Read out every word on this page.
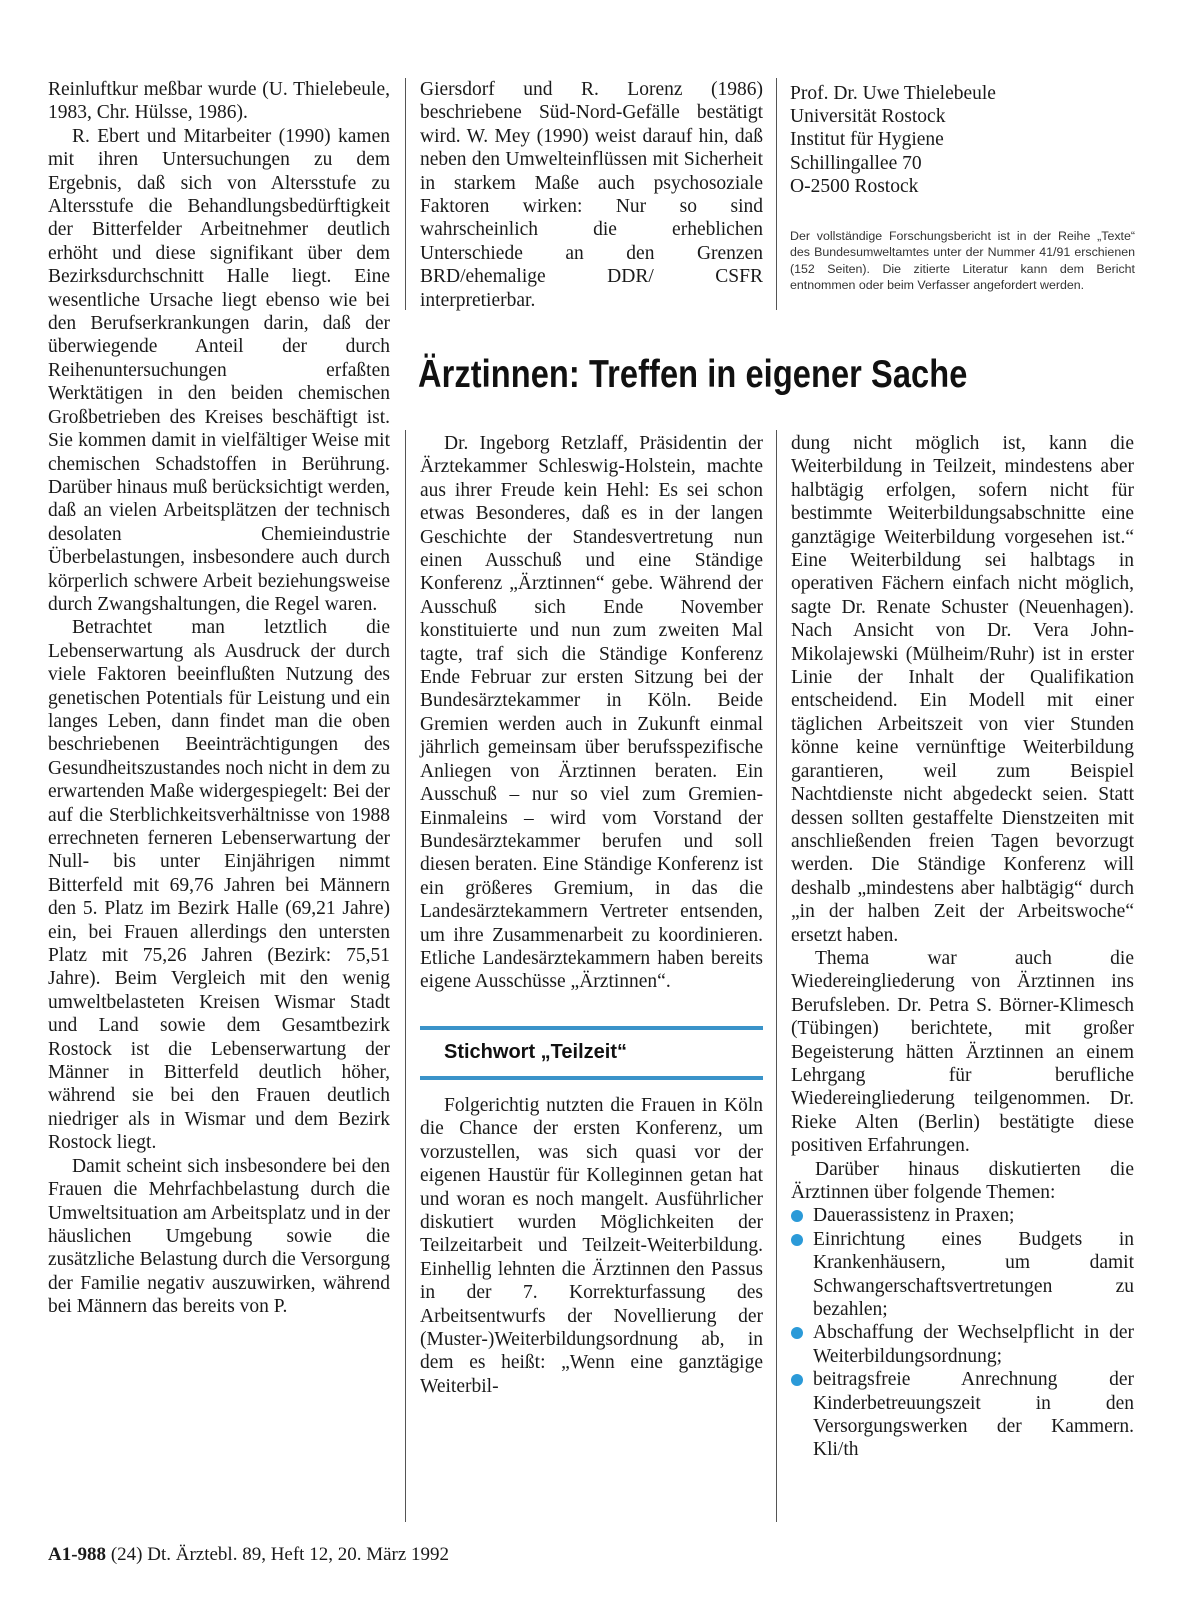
Reinluftkur meßbar wurde (U. Thielebeule, 1983, Chr. Hülsse, 1986).

R. Ebert und Mitarbeiter (1990) kamen mit ihren Untersuchungen zu dem Ergebnis, daß sich von Altersstufe zu Altersstufe die Behandlungsbedürftigkeit der Bitterfelder Arbeitnehmer deutlich erhöht und diese signifikant über dem Bezirksdurchschnitt Halle liegt. Eine wesentliche Ursache liegt ebenso wie bei den Berufserkrankungen darin, daß der überwiegende Anteil der durch Reihenuntersuchungen erfaßten Werktätigen in den beiden chemischen Großbetrieben des Kreises beschäftigt ist. Sie kommen damit in vielfältiger Weise mit chemischen Schadstoffen in Berührung. Darüber hinaus muß berücksichtigt werden, daß an vielen Arbeitsplätzen der technisch desolaten Chemieindustrie Überbelastungen, insbesondere auch durch körperlich schwere Arbeit beziehungsweise durch Zwangshaltungen, die Regel waren.

Betrachtet man letztlich die Lebenserwartung als Ausdruck der durch viele Faktoren beeinflußten Nutzung des genetischen Potentials für Leistung und ein langes Leben, dann findet man die oben beschriebenen Beeinträchtigungen des Gesundheitszustandes noch nicht in dem zu erwartenden Maße widergespiegelt: Bei der auf die Sterblichkeitsverhältnisse von 1988 errechneten ferneren Lebenserwartung der Null- bis unter Einjährigen nimmt Bitterfeld mit 69,76 Jahren bei Männern den 5. Platz im Bezirk Halle (69,21 Jahre) ein, bei Frauen allerdings den untersten Platz mit 75,26 Jahren (Bezirk: 75,51 Jahre). Beim Vergleich mit den wenig umweltbelasteten Kreisen Wismar Stadt und Land sowie dem Gesamtbezirk Rostock ist die Lebenserwartung der Männer in Bitterfeld deutlich höher, während sie bei den Frauen deutlich niedriger als in Wismar und dem Bezirk Rostock liegt.

Damit scheint sich insbesondere bei den Frauen die Mehrfachbelastung durch die Umweltsituation am Arbeitsplatz und in der häuslichen Umgebung sowie die zusätzliche Belastung durch die Versorgung der Familie negativ auszuwirken, während bei Männern das bereits von P.

Giersdorf und R. Lorenz (1986) beschriebene Süd-Nord-Gefälle bestätigt wird. W. Mey (1990) weist darauf hin, daß neben den Umwelteinflüssen mit Sicherheit in starkem Maße auch psychosoziale Faktoren wirken: Nur so sind wahrscheinlich die erheblichen Unterschiede an den Grenzen BRD/ehemalige DDR/ CSFR interpretierbar.

Prof. Dr. Uwe Thielebeule
Universität Rostock
Institut für Hygiene
Schillingallee 70
O-2500 Rostock
Der vollständige Forschungsbericht ist in der Reihe „Texte“ des Bundesumweltamtes unter der Nummer 41/91 erschienen (152 Seiten). Die zitierte Literatur kann dem Bericht entnommen oder beim Verfasser angefordert werden.
Ärztinnen: Treffen in eigener Sache

Dr. Ingeborg Retzlaff, Präsidentin der Ärztekammer Schleswig-Holstein, machte aus ihrer Freude kein Hehl: Es sei schon etwas Besonderes, daß es in der langen Geschichte der Standesvertretung nun einen Ausschuß und eine Ständige Konferenz „Ärztinnen“ gebe. Während der Ausschuß sich Ende November konstituierte und nun zum zweiten Mal tagte, traf sich die Ständige Konferenz Ende Februar zur ersten Sitzung bei der Bundesärztekammer in Köln. Beide Gremien werden auch in Zukunft einmal jährlich gemeinsam über berufsspezifische Anliegen von Ärztinnen beraten. Ein Ausschuß – nur so viel zum Gremien-Einmaleins – wird vom Vorstand der Bundesärztekammer berufen und soll diesen beraten. Eine Ständige Konferenz ist ein größeres Gremium, in das die Landesärztekammern Vertreter entsenden, um ihre Zusammenarbeit zu koordinieren. Etliche Landesärztekammern haben bereits eigene Ausschüsse „Ärztinnen“.

Stichwort „Teilzeit“

Folgerichtig nutzten die Frauen in Köln die Chance der ersten Konferenz, um vorzustellen, was sich quasi vor der eigenen Haustür für Kolleginnen getan hat und woran es noch mangelt. Ausführlicher diskutiert wurden Möglichkeiten der Teilzeitarbeit und Teilzeit-Weiterbildung. Einhellig lehnten die Ärztinnen den Passus in der 7. Korrekturfassung des Arbeitsentwurfs der Novellierung der (Muster-)Weiterbildungsordnung ab, in dem es heißt: „Wenn eine ganztägige Weiterbil-

dung nicht möglich ist, kann die Weiterbildung in Teilzeit, mindestens aber halbtägig erfolgen, sofern nicht für bestimmte Weiterbildungsabschnitte eine ganztägige Weiterbildung vorgesehen ist.“ Eine Weiterbildung sei halbtags in operativen Fächern einfach nicht möglich, sagte Dr. Renate Schuster (Neuenhagen). Nach Ansicht von Dr. Vera John-Mikolajewski (Mülheim/Ruhr) ist in erster Linie der Inhalt der Qualifikation entscheidend. Ein Modell mit einer täglichen Arbeitszeit von vier Stunden könne keine vernünftige Weiterbildung garantieren, weil zum Beispiel Nachtdienste nicht abgedeckt seien. Statt dessen sollten gestaffelte Dienstzeiten mit anschließenden freien Tagen bevorzugt werden. Die Ständige Konferenz will deshalb „mindestens aber halbtägig“ durch „in der halben Zeit der Arbeitswoche“ ersetzt haben.

Thema war auch die Wiedereingliederung von Ärztinnen ins Berufsleben. Dr. Petra S. Börner-Klimesch (Tübingen) berichtete, mit großer Begeisterung hätten Ärztinnen an einem Lehrgang für berufliche Wiedereingliederung teilgenommen. Dr. Rieke Alten (Berlin) bestätigte diese positiven Erfahrungen.

Darüber hinaus diskutierten die Ärztinnen über folgende Themen:

Dauerassistenz in Praxen;
Einrichtung eines Budgets in Krankenhäusern, um damit Schwangerschaftsvertretungen zu bezahlen;
Abschaffung der Wechselpflicht in der Weiterbildungsordnung;
beitragsfreie Anrechnung der Kinderbetreuungszeit in den Versorgungswerken der Kammern. Kli/th
A1-988 (24) Dt. Ärztebl. 89, Heft 12, 20. März 1992
